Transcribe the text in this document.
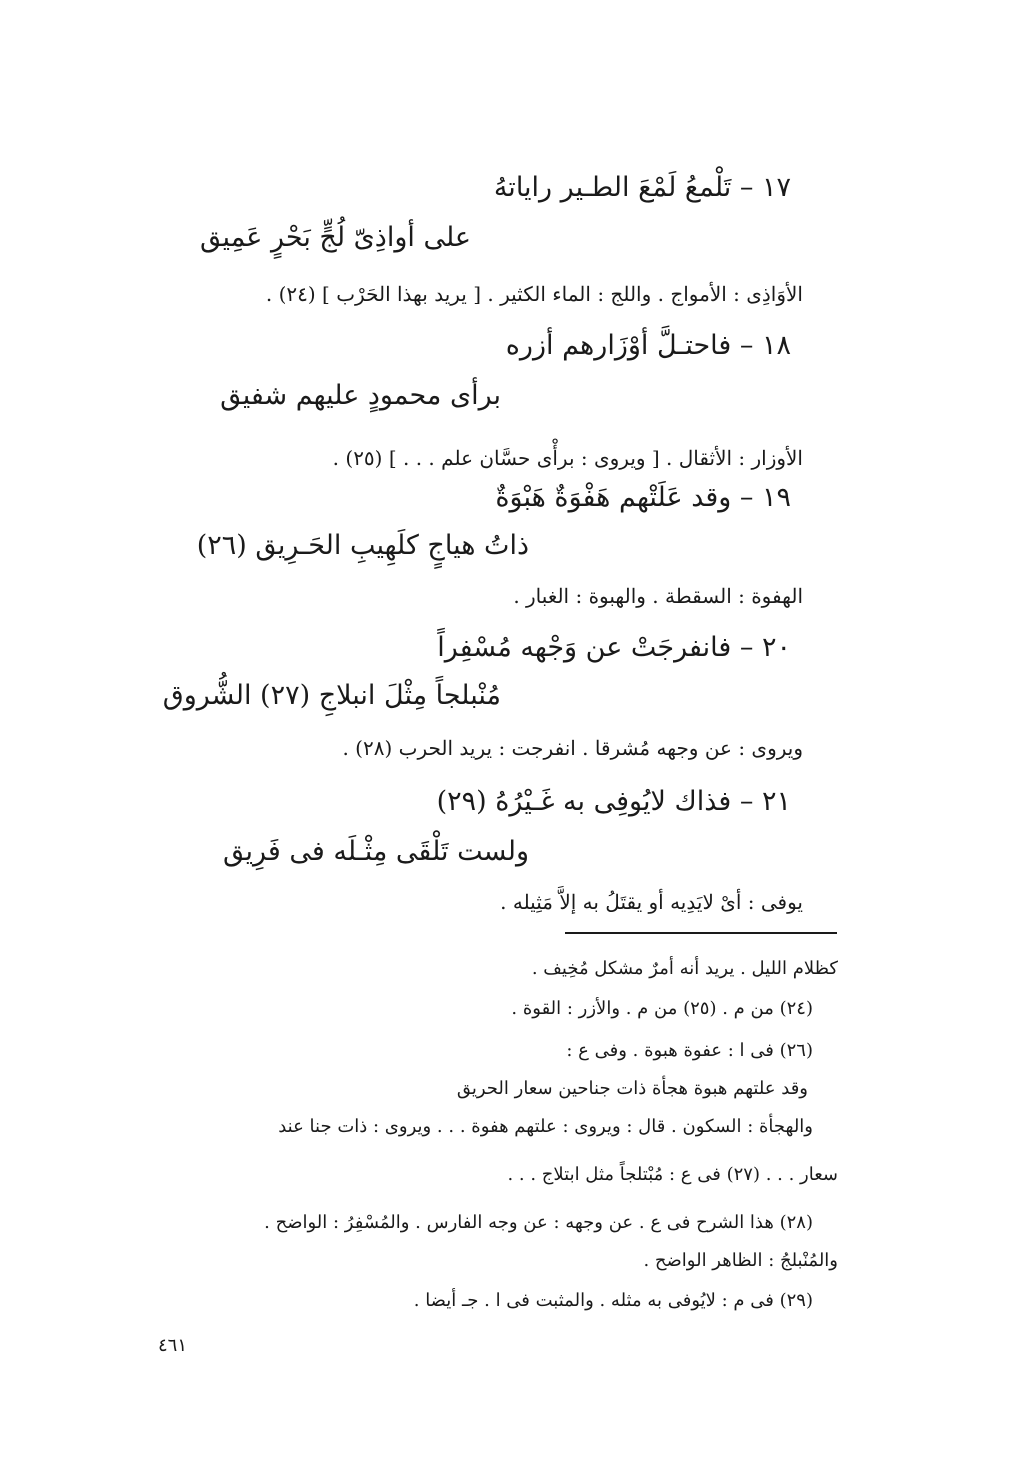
١٧ – تَلْمعُ لَمْعَ الطـير راياتهُ
على أواذِىّ لُجٍّ بَحْرٍ عَمِيق
الأوَاذِى : الأمواج . واللج : الماء الكثير . [ يريد بهذا الحَرْب ] (٢٤) .
١٨ – فاحتـلَّ أوْزَارهم أزره
برأى محمودٍ عليهم شفيق
الأوزار : الأثقال . [ ويروى : برأْى حسَّان علم . . . ] (٢٥) .
١٩ – وقد عَلَتْهم هَفْوَةٌ هَبْوَةٌ
ذاتُ هياجٍ كلَهِيبِ الحَـرِيق (٢٦)
الهفوة : السقطة . والهبوة : الغبار .
٢٠ – فانفرجَتْ عن وَجْهه مُسْفِراً
مُنْبلجاً مِثْلَ انبلاجِ (٢٧) الشُّروق
ويروى : عن وجهه مُشرقا . انفرجت : يريد الحرب (٢٨) .
٢١ – فذاك لايُوفِى به غَـيْرُهُ (٢٩)
ولست تَلْقَى مِثْـلَه فى فَرِيق
يوفى : أىْ لايَدِيه أو يقتَلُ به إلاَّ مَثِيله .
كظلام الليل . يريد أنه أمرٌ مشكل مُخِيف .
(٢٤) من م . (٢٥) من م . والأزر : القوة .
(٢٦) فى ا : عفوة هبوة . وفى ع :
وقد علتهم هبوة هجأة ذات جناحين سعار الحريق
والهجأة : السكون . قال : ويروى : علتهم هفوة . . . ويروى : ذات جنا عند
سعار . . . (٢٧) فى ع : مُبْتلجاً مثل ابتلاج . . .
(٢٨) هذا الشرح فى ع . عن وجهه : عن وجه الفارس . والمُسْفِرُ : الواضح .
والمُنْبلجُ : الظاهر الواضح .
(٢٩) فى م : لايُوفى به مثله . والمثبت فى ا . جـ أيضا .
٤٦١
